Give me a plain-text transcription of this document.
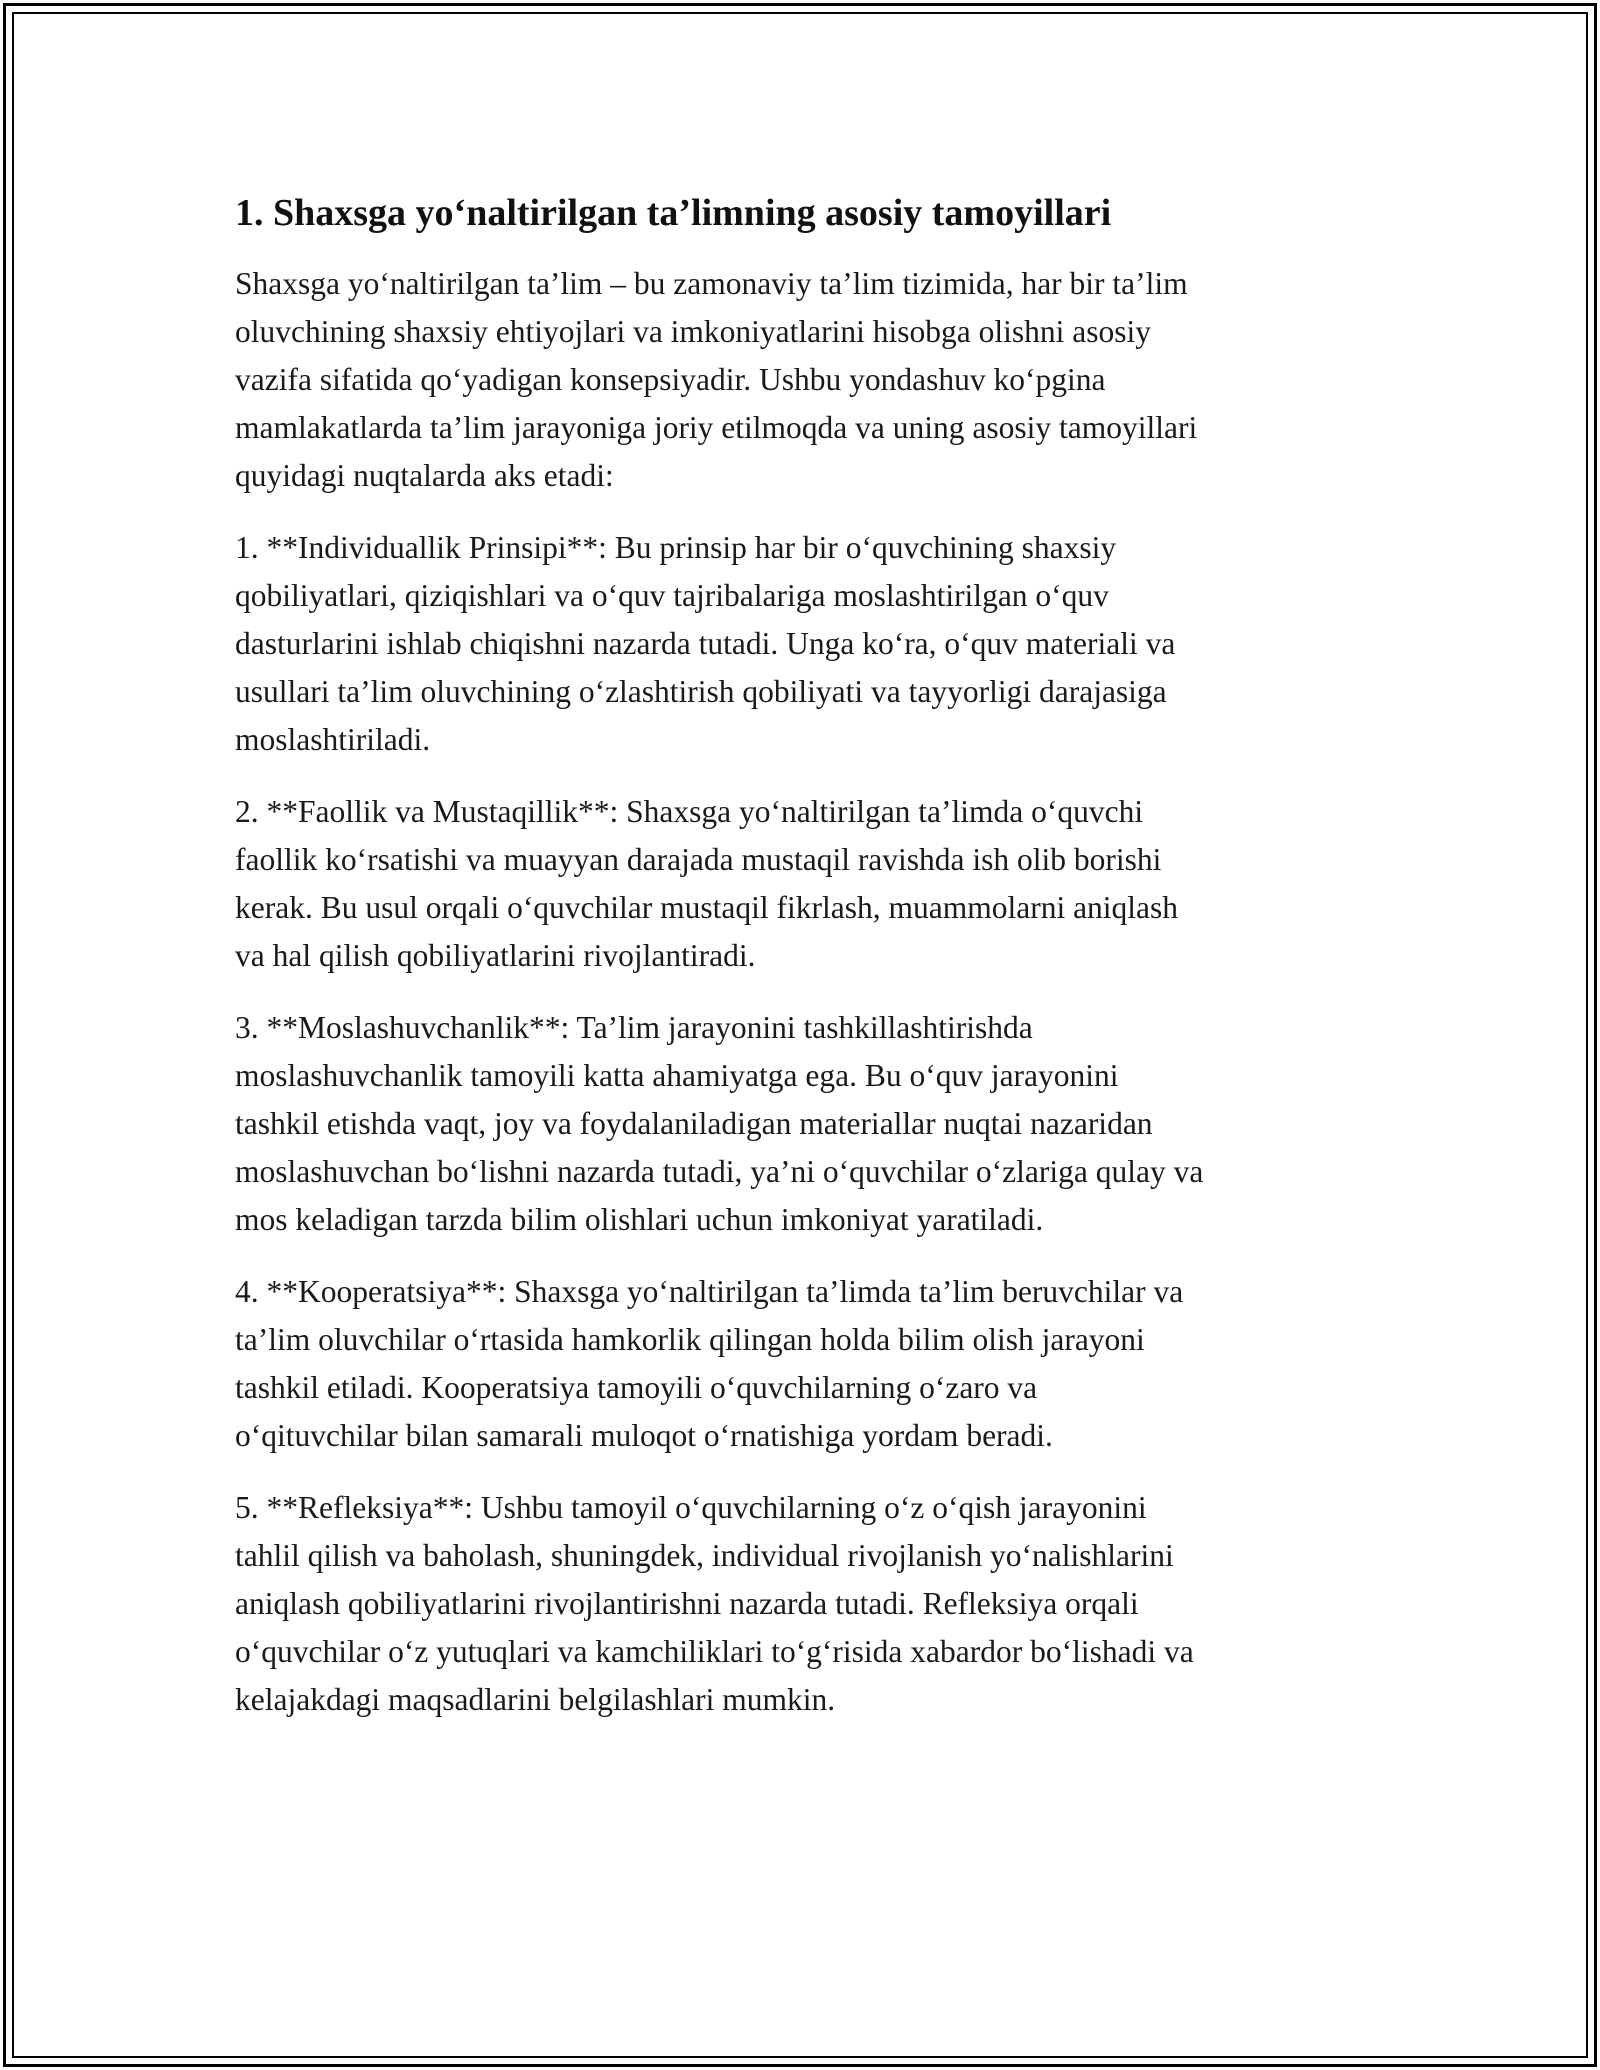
1. Shaxsga yo‘naltirilgan ta’limning asosiy tamoyillari

Shaxsga yo‘naltirilgan ta’lim – bu zamonaviy ta’lim tizimida, har bir ta’lim
oluvchining shaxsiy ehtiyojlari va imkoniyatlarini hisobga olishni asosiy
vazifa sifatida qo‘yadigan konsepsiyadir. Ushbu yondashuv ko‘pgina
mamlakatlarda ta’lim jarayoniga joriy etilmoqda va uning asosiy tamoyillari
quyidagi nuqtalarda aks etadi:

1. **Individuallik Prinsipi**: Bu prinsip har bir o‘quvchining shaxsiy
qobiliyatlari, qiziqishlari va o‘quv tajribalariga moslashtirilgan o‘quv
dasturlarini ishlab chiqishni nazarda tutadi. Unga ko‘ra, o‘quv materiali va
usullari ta’lim oluvchining o‘zlashtirish qobiliyati va tayyorligi darajasiga
moslashtiriladi.

2. **Faollik va Mustaqillik**: Shaxsga yo‘naltirilgan ta’limda o‘quvchi
faollik ko‘rsatishi va muayyan darajada mustaqil ravishda ish olib borishi
kerak. Bu usul orqali o‘quvchilar mustaqil fikrlash, muammolarni aniqlash
va hal qilish qobiliyatlarini rivojlantiradi.

3. **Moslashuvchanlik**: Ta’lim jarayonini tashkillashtirishda
moslashuvchanlik tamoyili katta ahamiyatga ega. Bu o‘quv jarayonini
tashkil etishda vaqt, joy va foydalaniladigan materiallar nuqtai nazaridan
moslashuvchan bo‘lishni nazarda tutadi, ya’ni o‘quvchilar o‘zlariga qulay va
mos keladigan tarzda bilim olishlari uchun imkoniyat yaratiladi.

4. **Kooperatsiya**: Shaxsga yo‘naltirilgan ta’limda ta’lim beruvchilar va
ta’lim oluvchilar o‘rtasida hamkorlik qilingan holda bilim olish jarayoni
tashkil etiladi. Kooperatsiya tamoyili o‘quvchilarning o‘zaro va
o‘qituvchilar bilan samarali muloqot o‘rnatishiga yordam beradi.

5. **Refleksiya**: Ushbu tamoyil o‘quvchilarning o‘z o‘qish jarayonini
tahlil qilish va baholash, shuningdek, individual rivojlanish yo‘nalishlarini
aniqlash qobiliyatlarini rivojlantirishni nazarda tutadi. Refleksiya orqali
o‘quvchilar o‘z yutuqlari va kamchiliklari to‘g‘risida xabardor bo‘lishadi va
kelajakdagi maqsadlarini belgilashlari mumkin.
